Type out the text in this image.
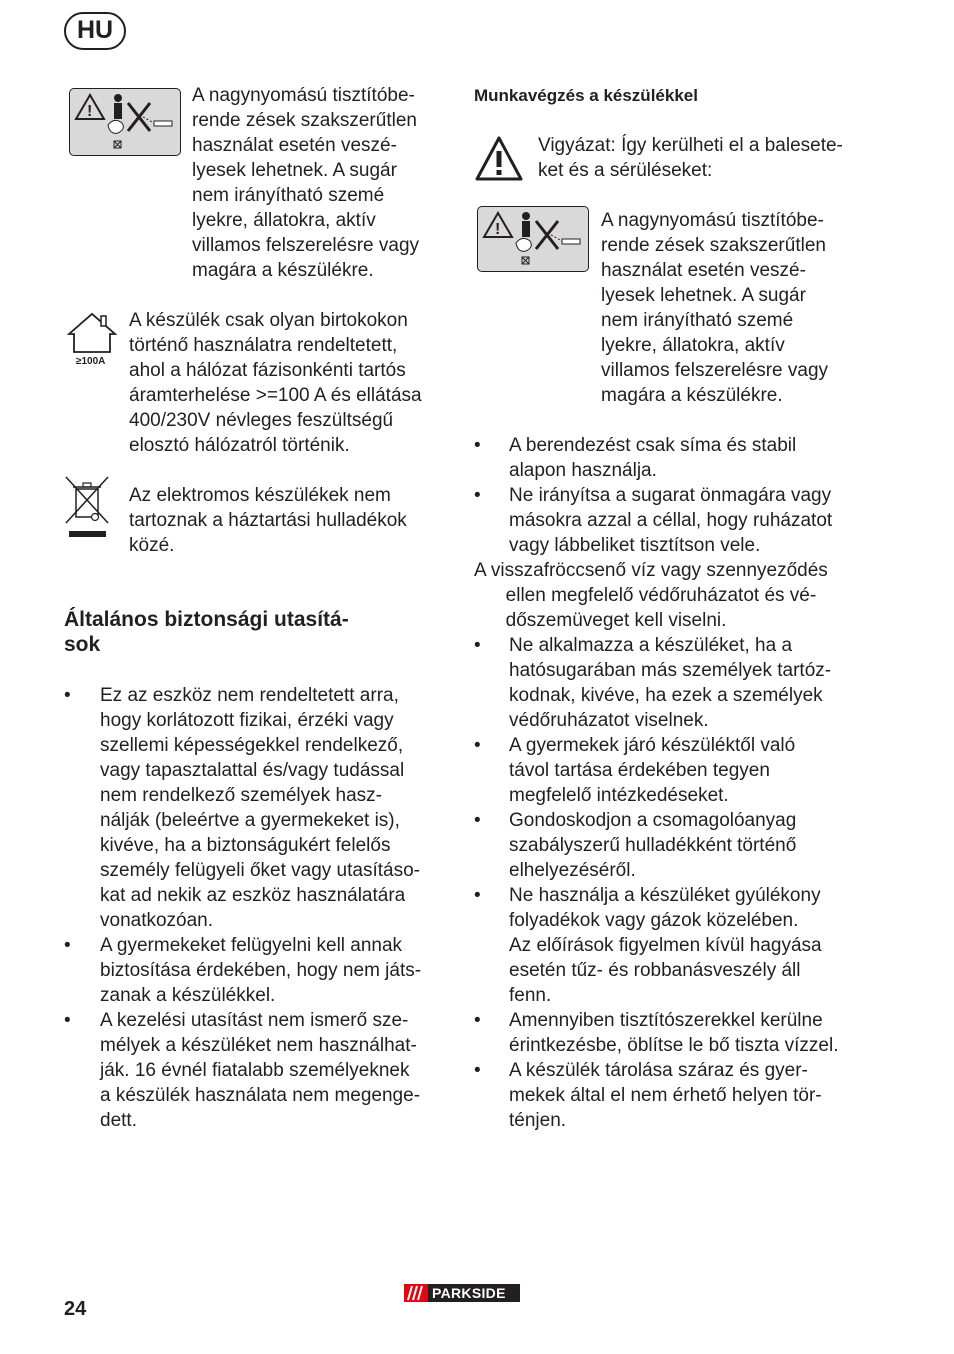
HU
!

A nagynyomású tisztítóbe-
rende zések szakszerűtlen
használat esetén veszé-
lyesek lehetnek. A sugár
nem irányítható szemé
lyekre, állatokra, aktív
villamos felszerelésre vagy
magára a készülékre.

≥100A

A készülék csak olyan birtokokon
történő használatra rendeltetett,
ahol a hálózat fázisonkénti tartós
áramterhelése >=100 A és ellátása
400/230V névleges feszültségű
elosztó hálózatról történik.

Az elektromos készülékek nem
tartoznak a háztartási hulladékok
közé.

Általános biztonsági utasítá-
sok
• Ez az eszköz nem rendeltetett arra,
hogy korlátozott fizikai, érzéki vagy
szellemi képességekkel rendelkező,
vagy tapasztalattal és/vagy tudással
nem rendelkező személyek hasz-
nálják (beleértve a gyermekeket is),
kivéve, ha a biztonságukért felelős
személy felügyeli őket vagy utasításo-
kat ad nekik az eszköz használatára
vonatkozóan.
• A gyermekeket felügyelni kell annak
biztosítása érdekében, hogy nem játs-
zanak a készülékkel.
• A kezelési utasítást nem ismerő sze-
mélyek a készüléket nem használhat-
ják. 16 évnél fiatalabb személyeknek
a készülék használata nem megenge-
dett.
Munkavégzés a készülékkel

Vigyázat: Így kerülheti el a balesete-
ket és a sérüléseket:

!	A nagynyomású tisztítóbe-
rende zések szakszerűtlen
használat esetén veszé-
lyesek lehetnek. A sugár
nem irányítható szemé
lyekre, állatokra, aktív
villamos felszerelésre vagy
magára a készülékre.

• A berendezést csak síma és stabil
alapon használja.
• Ne irányítsa a sugarat önmagára vagy
másokra azzal a céllal, hogy ruházatot
vagy lábbeliket tisztítson vele.

A visszafröccsenő víz vagy szennyeződés
ellen megfelelő védőruházatot és vé-
dőszemüveget kell viselni.

• Ne alkalmazza a készüléket, ha a
hatósugarában más személyek tartóz-
kodnak, kivéve, ha ezek a személyek
védőruházatot viselnek.
• A gyermekek járó készüléktől való
távol tartása érdekében tegyen
megfelelő intézkedéseket.
• Gondoskodjon a csomagolóanyag
szabályszerű hulladékként történő
elhelyezéséről.
• Ne használja a készüléket gyúlékony
folyadékok vagy gázok közelében.
Az előírások figyelmen kívül hagyása
esetén tűz- és robbanásveszély áll
fenn.
• Amennyiben tisztítószerekkel kerülne
érintkezésbe, öblítse le bő tiszta vízzel.
• A készülék tárolása száraz és gyer-
mekek által el nem érhető helyen tör-
ténjen.
24
PARKSIDE
